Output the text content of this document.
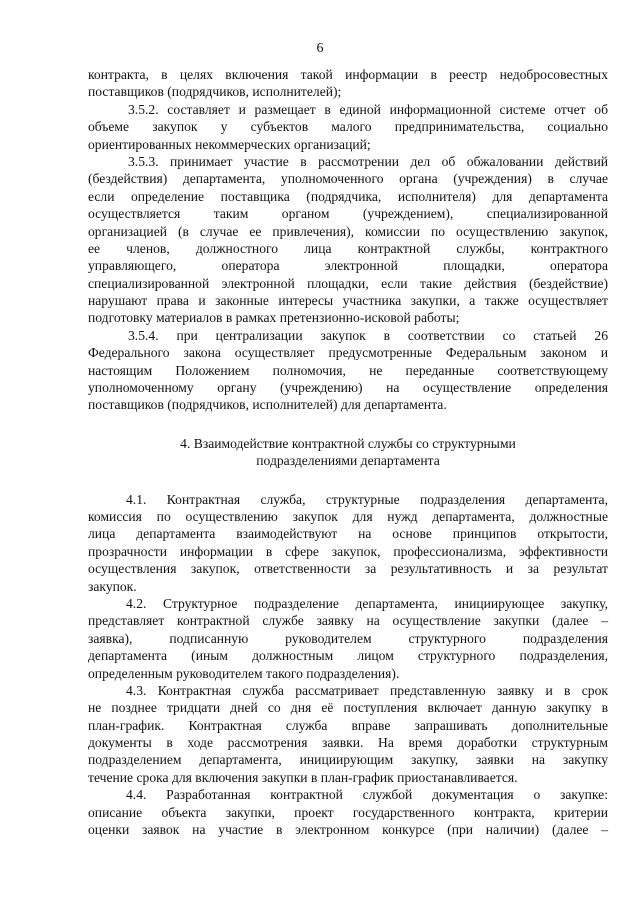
6
контракта, в целях включения такой информации в реестр недобросовестных
поставщиков (подрядчиков, исполнителей);
3.5.2. составляет и размещает в единой информационной системе отчет об
объеме закупок у субъектов малого предпринимательства, социально
ориентированных некоммерческих организаций;
3.5.3. принимает участие в рассмотрении дел об обжаловании действий
(бездействия) департамента, уполномоченного органа (учреждения) в случае
если определение поставщика (подрядчика, исполнителя) для департамента
осуществляется таким органом (учреждением), специализированной
организацией (в случае ее привлечения), комиссии по осуществлению закупок,
ее членов, должностного лица контрактной службы, контрактного
управляющего, оператора электронной площадки, оператора
специализированной электронной площадки, если такие действия (бездействие)
нарушают права и законные интересы участника закупки, а также осуществляет
подготовку материалов в рамках претензионно-исковой работы;
3.5.4. при централизации закупок в соответствии со статьей 26
Федерального закона осуществляет предусмотренные Федеральным законом и
настоящим Положением полномочия, не переданные соответствующему
уполномоченному органу (учреждению) на осуществление определения
поставщиков (подрядчиков, исполнителей) для департамента.
4. Взаимодействие контрактной службы со структурными
подразделениями департамента
4.1. Контрактная служба, структурные подразделения департамента,
комиссия по осуществлению закупок для нужд департамента, должностные
лица департамента взаимодействуют на основе принципов открытости,
прозрачности информации в сфере закупок, профессионализма, эффективности
осуществления закупок, ответственности за результативность и за результат
закупок.
4.2. Структурное подразделение департамента, инициирующее закупку,
представляет контрактной службе заявку на осуществление закупки (далее –
заявка), подписанную руководителем структурного подразделения
департамента (иным должностным лицом структурного подразделения,
определенным руководителем такого подразделения).
4.3. Контрактная служба рассматривает представленную заявку и в срок
не позднее тридцати дней со дня её поступления включает данную закупку в
план-график. Контрактная служба вправе запрашивать дополнительные
документы в ходе рассмотрения заявки. На время доработки структурным
подразделением департамента, инициирующим закупку, заявки на закупку
течение срока для включения закупки в план-график приостанавливается.
4.4. Разработанная контрактной службой документация о закупке:
описание объекта закупки, проект государственного контракта, критерии
оценки заявок на участие в электронном конкурсе (при наличии) (далее –
